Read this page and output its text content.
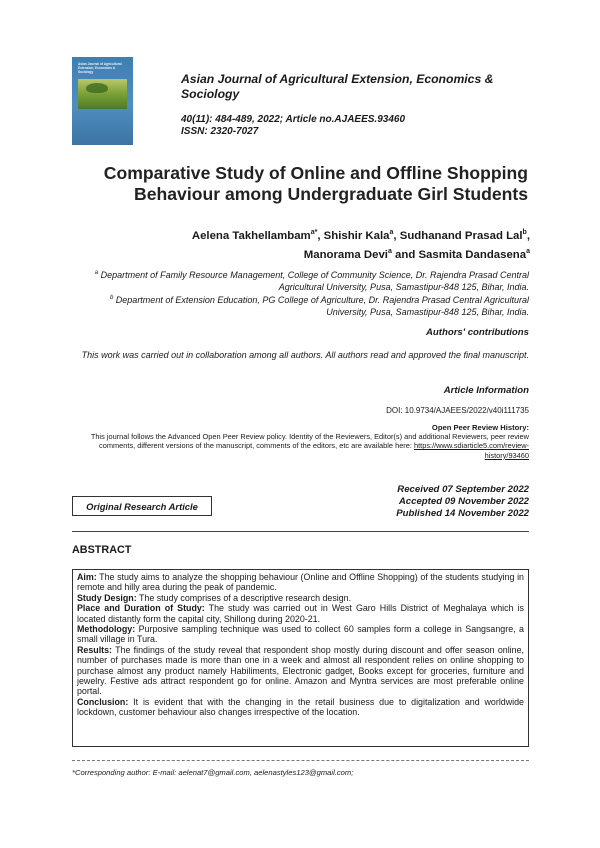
Asian Journal of Agricultural Extension, Economics & Sociology	Asian Journal of Agricultural Extension, Economics & Sociology
40(11): 484-489, 2022; Article no.AJAEES.93460
ISSN: 2320-7027
Comparative Study of Online and Offline Shopping Behaviour among Undergraduate Girl Students
Aelena Takhellambam$^{a*}$, Shishir Kala$^a$, Sudhanand Prasad Lal$^b$,
Manorama Devi$^a$ and Sasmita Dandasena$^a$
$^a$ Department of Family Resource Management, College of Community Science, Dr. Rajendra Prasad Central Agricultural University, Pusa, Samastipur-848 125, Bihar, India.
$^b$ Department of Extension Education, PG College of Agriculture, Dr. Rajendra Prasad Central Agricultural University, Pusa, Samastipur-848 125, Bihar, India.
Authors' contributions
This work was carried out in collaboration among all authors. All authors read and approved the final manuscript.
Article Information
DOI: 10.9734/AJAEES/2022/v40i111735
Open Peer Review History:
This journal follows the Advanced Open Peer Review policy. Identity of the Reviewers, Editor(s) and additional Reviewers, peer review comments, different versions of the manuscript, comments of the editors, etc are available here: https://www.sdiarticle5.com/review-history/93460
Original Research Article
Received 07 September 2022
Accepted 09 November 2022
Published 14 November 2022
ABSTRACT

Aim: The study aims to analyze the shopping behaviour (Online and Offline Shopping) of the students studying in remote and hilly area during the peak of pandemic.

Study Design: The study comprises of a descriptive research design.

Place and Duration of Study: The study was carried out in West Garo Hills District of Meghalaya which is located distantly form the capital city, Shillong during 2020-21.

Methodology: Purposive sampling technique was used to collect 60 samples form a college in Sangsangre, a small village in Tura.

Results: The findings of the study reveal that respondent shop mostly during discount and offer season online, number of purchases made is more than one in a week and almost all respondent relies on online shopping to purchase almost any product namely Habiliments, Electronic gadget, Books except for groceries, furniture and jewelry. Festive ads attract respondent go for online. Amazon and Myntra services are most preferable online portal.

Conclusion: It is evident that with the changing in the retail business due to digitalization and worldwide lockdown, customer behaviour also changes irrespective of the location.

*Corresponding author: E-mail: aelenat7@gmail.com, aelenastyles123@gmail.com;
